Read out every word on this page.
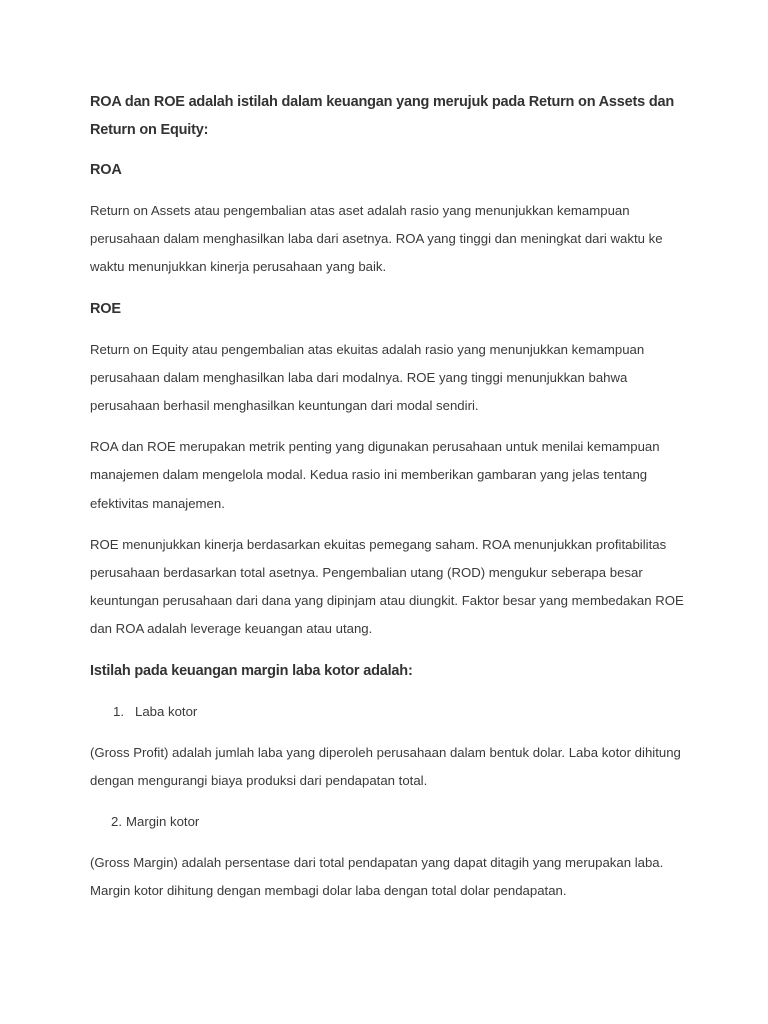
ROA dan ROE adalah istilah dalam keuangan yang merujuk pada Return on Assets dan Return on Equity:

ROA

Return on Assets atau pengembalian atas aset adalah rasio yang menunjukkan kemampuan perusahaan dalam menghasilkan laba dari asetnya. ROA yang tinggi dan meningkat dari waktu ke waktu menunjukkan kinerja perusahaan yang baik.

ROE

Return on Equity atau pengembalian atas ekuitas adalah rasio yang menunjukkan kemampuan perusahaan dalam menghasilkan laba dari modalnya. ROE yang tinggi menunjukkan bahwa perusahaan berhasil menghasilkan keuntungan dari modal sendiri.

ROA dan ROE merupakan metrik penting yang digunakan perusahaan untuk menilai kemampuan manajemen dalam mengelola modal. Kedua rasio ini memberikan gambaran yang jelas tentang efektivitas manajemen.

ROE menunjukkan kinerja berdasarkan ekuitas pemegang saham. ROA menunjukkan profitabilitas perusahaan berdasarkan total asetnya. Pengembalian utang (ROD) mengukur seberapa besar keuntungan perusahaan dari dana yang dipinjam atau diungkit. Faktor besar yang membedakan ROE dan ROA adalah leverage keuangan atau utang.

Istilah pada keuangan margin laba kotor adalah:

1. Laba kotor

(Gross Profit) adalah jumlah laba yang diperoleh perusahaan dalam bentuk dolar. Laba kotor dihitung dengan mengurangi biaya produksi dari pendapatan total.

2. Margin kotor

(Gross Margin) adalah persentase dari total pendapatan yang dapat ditagih yang merupakan laba. Margin kotor dihitung dengan membagi dolar laba dengan total dolar pendapatan.
